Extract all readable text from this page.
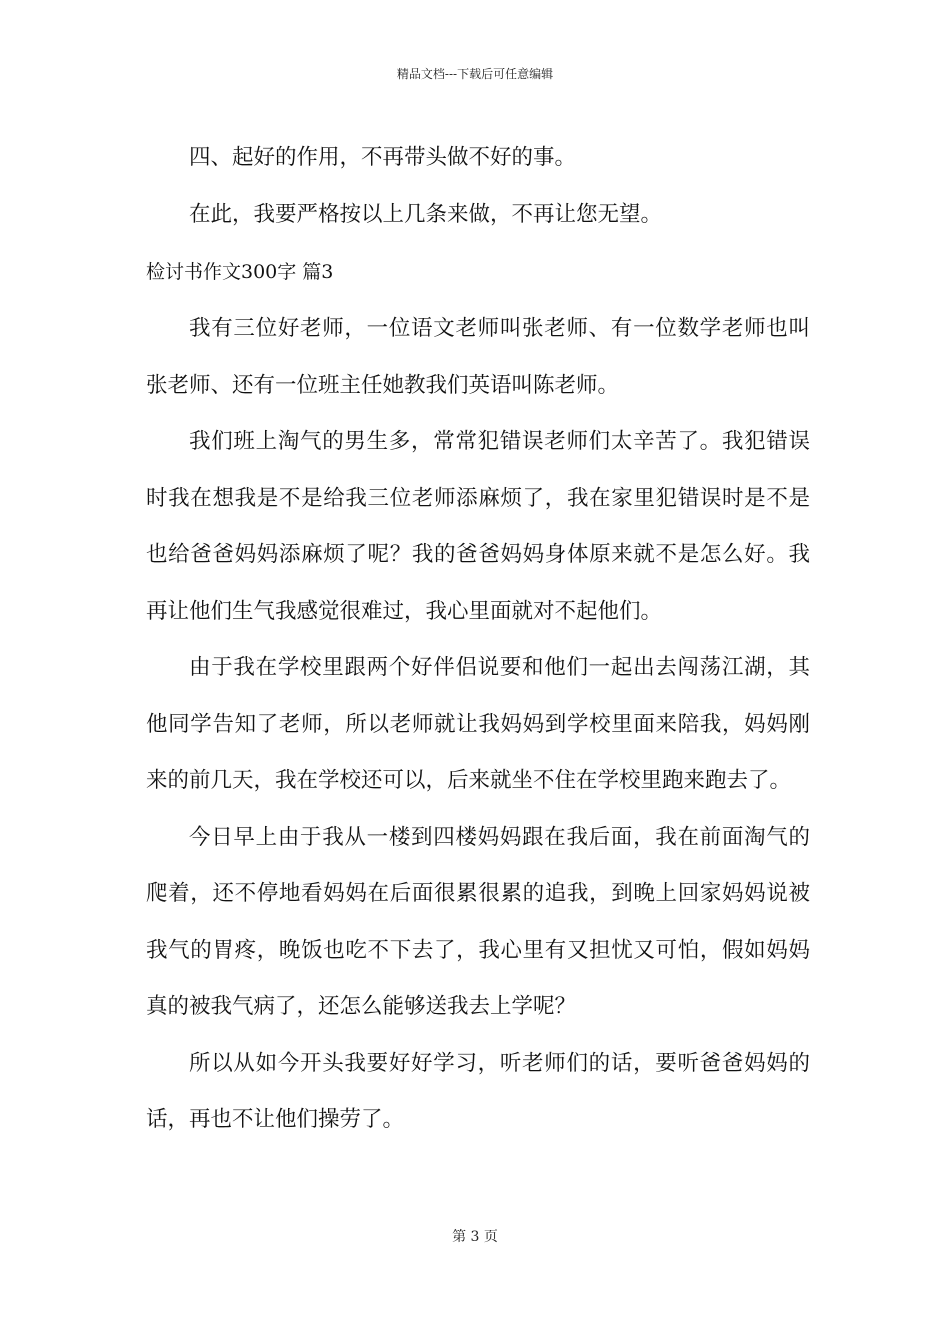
精品文档---下载后可任意编辑

四、起好的作用，不再带头做不好的事。

在此，我要严格按以上几条来做，不再让您无望。

检讨书作文300字 篇3

我有三位好老师，一位语文老师叫张老师、有一位数学老师也叫张老师、还有一位班主任她教我们英语叫陈老师。

我们班上淘气的男生多，常常犯错误老师们太辛苦了。我犯错误时我在想我是不是给我三位老师添麻烦了，我在家里犯错误时是不是也给爸爸妈妈添麻烦了呢？我的爸爸妈妈身体原来就不是怎么好。我再让他们生气我感觉很难过，我心里面就对不起他们。

由于我在学校里跟两个好伴侣说要和他们一起出去闯荡江湖，其他同学告知了老师，所以老师就让我妈妈到学校里面来陪我，妈妈刚来的前几天，我在学校还可以，后来就坐不住在学校里跑来跑去了。

今日早上由于我从一楼到四楼妈妈跟在我后面，我在前面淘气的爬着，还不停地看妈妈在后面很累很累的追我，到晚上回家妈妈说被我气的胃疼，晚饭也吃不下去了，我心里有又担忧又可怕，假如妈妈真的被我气病了，还怎么能够送我去上学呢？

所以从如今开头我要好好学习，听老师们的话，要听爸爸妈妈的话，再也不让他们操劳了。

第 3 页
